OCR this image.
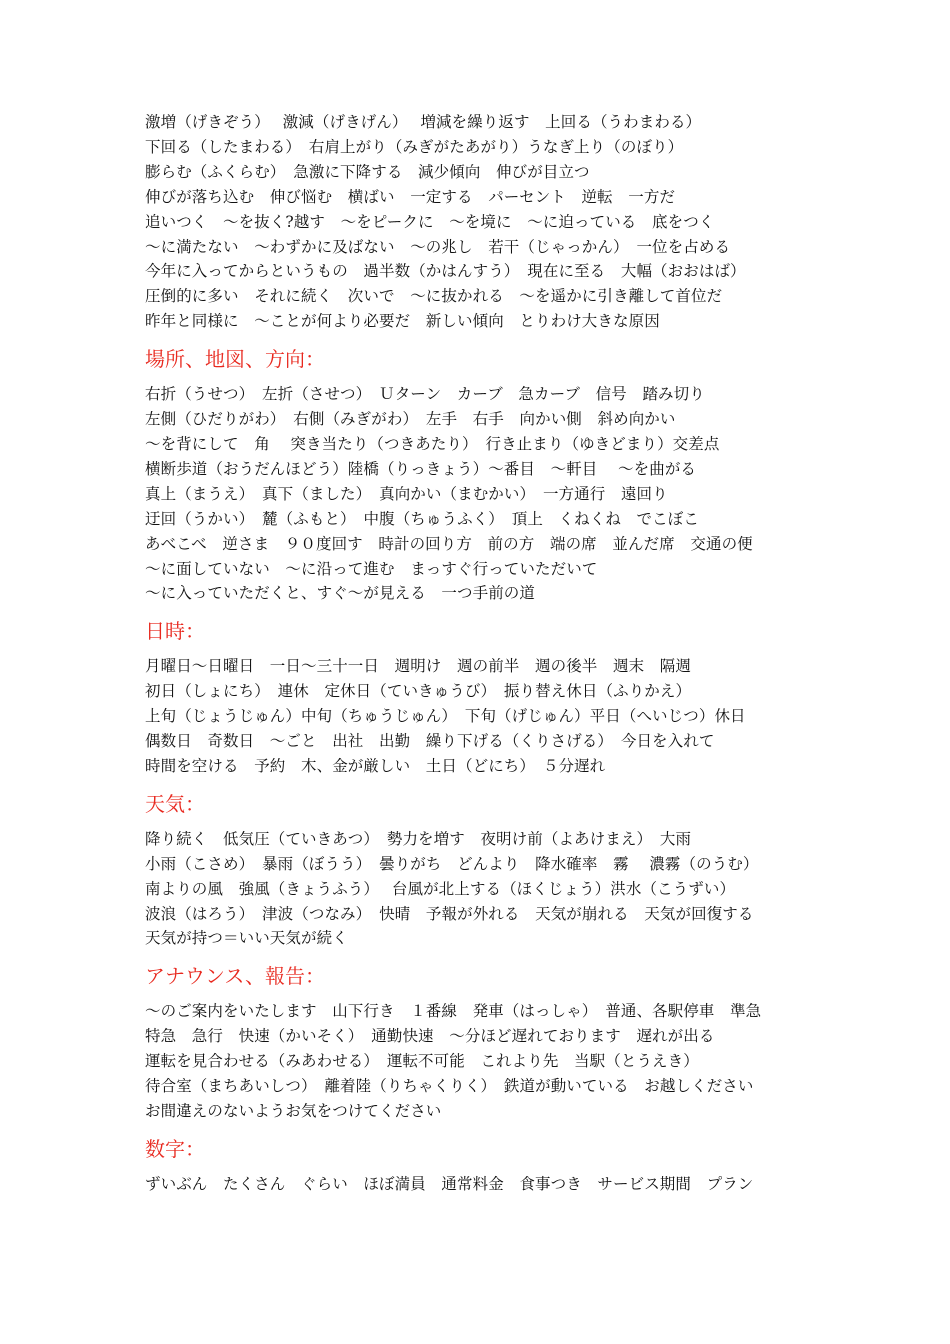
激増（げきぞう）　 激減（げきげん）　 増減を繰り返す　上回る（うわまわる）
下回る（したまわる）　右肩上がり（みぎがたあがり）うなぎ上り（のぼり）
膨らむ（ふくらむ）　急激に下降する　減少傾向　伸びが目立つ
伸びが落ち込む　伸び悩む　横ばい　一定する　パーセント　逆転　一方だ
追いつく　～を抜く?越す　～をピークに　～を境に　～に迫っている　底をつく
～に満たない　～わずかに及ばない　～の兆し　若干（じゃっかん）　一位を占める
今年に入ってからというもの　過半数（かはんすう）　現在に至る　大幅（おおはば）
圧倒的に多い　それに続く　次いで　～に抜かれる　～を遥かに引き離して首位だ
昨年と同様に　～ことが何より必要だ　新しい傾向　とりわけ大きな原因
場所、地図、方向：
右折（うせつ）　左折（させつ）　Ｕターン　カーブ　急カーブ　信号　踏み切り
左側（ひだりがわ）　右側（みぎがわ）　左手　右手　向かい側　斜め向かい
～を背にして　角　 突き当たり（つきあたり）　行き止まり（ゆきどまり）交差点
横断歩道（おうだんほどう）陸橋（りっきょう）～番目　～軒目　 ～を曲がる
真上（まうえ）　真下（ました）　真向かい（まむかい）　一方通行　遠回り
迂回（うかい）　麓（ふもと）　中腹（ちゅうふく）　頂上　くねくね　でこぼこ
あべこべ　逆さま　９０度回す　時計の回り方　前の方　端の席　並んだ席　交通の便
～に面していない　～に沿って進む　まっすぐ行っていただいて
～に入っていただくと、すぐ～が見える　一つ手前の道
日時：
月曜日～日曜日　一日～三十一日　週明け　週の前半　週の後半　週末　隔週
初日（しょにち）　連休　定休日（ていきゅうび）　振り替え休日（ふりかえ）
上旬（じょうじゅん）中旬（ちゅうじゅん）　下旬（げじゅん）平日（へいじつ）休日
偶数日　奇数日　～ごと　出社　出勤　繰り下げる（くりさげる）　今日を入れて
時間を空ける　予約　木、金が厳しい　土日（どにち）　５分遅れ
天気：
降り続く　低気圧（ていきあつ）　勢力を増す　夜明け前（よあけまえ）　大雨
小雨（こさめ）　暴雨（ぼうう）　曇りがち　どんより　降水確率　霧　 濃霧（のうむ）
南よりの風　強風（きょうふう）　 台風が北上する（ほくじょう）洪水（こうずい）
波浪（はろう）　津波（つなみ）　快晴　予報が外れる　天気が崩れる　天気が回復する
天気が持つ＝いい天気が続く
アナウンス、報告：
～のご案内をいたします　山下行き　１番線　発車（はっしゃ）　普通、各駅停車　準急
特急　急行　快速（かいそく）　通勤快速　～分ほど遅れております　遅れが出る
運転を見合わせる（みあわせる）　運転不可能　これより先　当駅（とうえき）
待合室（まちあいしつ）　離着陸（りちゃくりく）　鉄道が動いている　お越しください
お間違えのないようお気をつけてください
数字：
ずいぶん　たくさん　ぐらい　ほぼ満員　通常料金　食事つき　サービス期間　プラン
